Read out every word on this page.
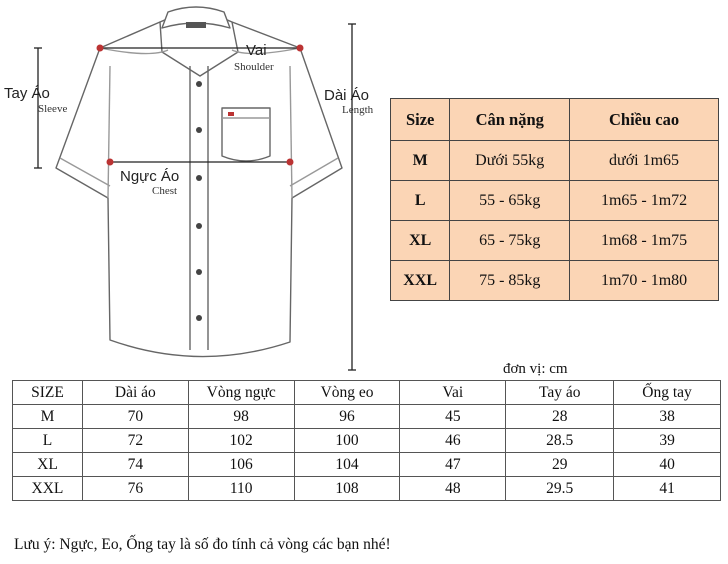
Tay Áo
Sleeve
Vai
Shoulder
Dài Áo
Length
Ngực Áo
Chest
Size	Cân nặng	Chiều cao
M	Dưới 55kg	dưới 1m65
L	55 - 65kg	1m65 - 1m72
XL	65 - 75kg	1m68 - 1m75
XXL	75 - 85kg	1m70 - 1m80
đơn vị: cm
SIZE	Dài áo	Vòng ngực	Vòng eo	Vai	Tay áo	Ống tay
M	70	98	96	45	28	38
L	72	102	100	46	28.5	39
XL	74	106	104	47	29	40
XXL	76	110	108	48	29.5	41
Lưu ý: Ngực, Eo, Ống tay là số đo tính cả vòng các bạn nhé!
